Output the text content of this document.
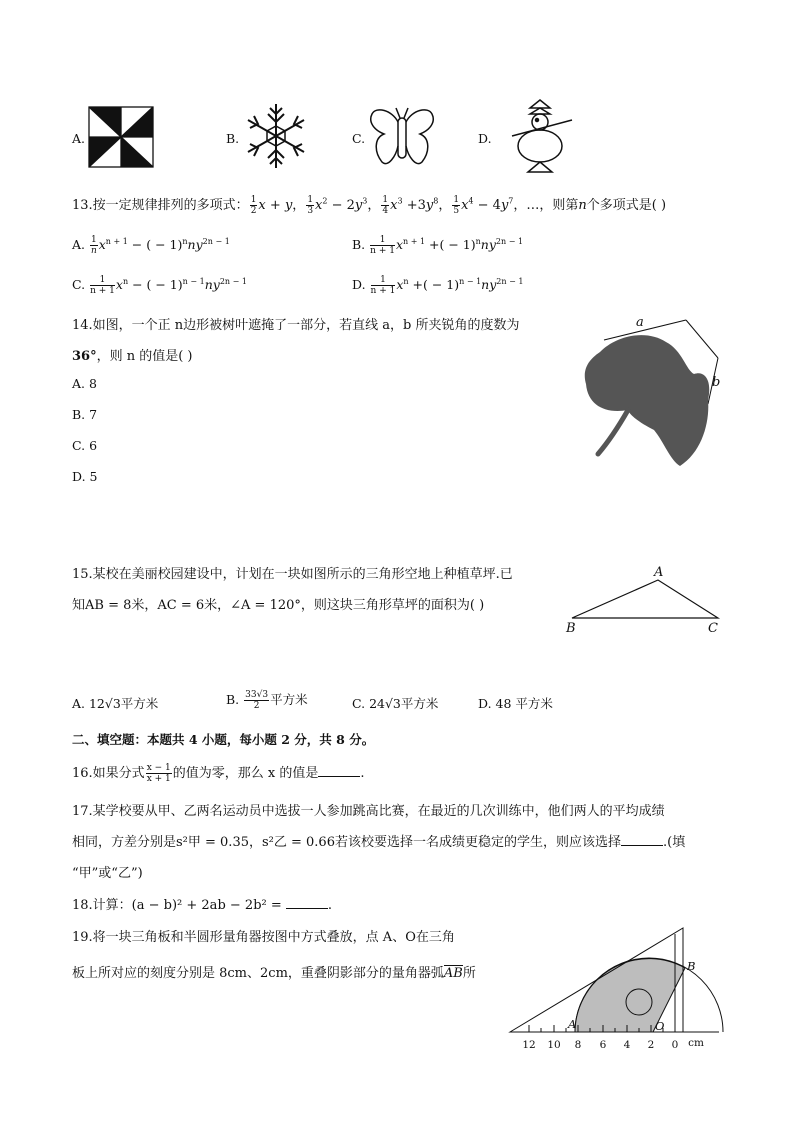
A.	B.	C.	D.
13.按一定规律排列的多项式： $\frac{1}{2}$ x + y， $\frac{1}{3} x^2 - 2y^3$， $\frac{1}{4} x^3 +3y^8$， $\frac{1}{5} x^4 - 4y^7$，…，则第n个多项式是( )
A. $\frac{1}{n} x^{n + 1}$ − ( − $1)^nny^{2n - 1}$	B. $\frac{1}{n + 1} x^{n + 1}$ +( − $1)^nny^{2n - 1}$
C. $\frac{1}{n + 1} x^n$ − ( − $1)^{n - 1}ny^{2n - 1}$	D. $\frac{1}{n + 1} x^n$ +( − $1)^{n - 1}ny^{2n - 1}$
14.如图，一个正 n边形被树叶遮掩了一部分，若直线 a，b 所夹锐角的度数为
36°，则 n 的值是( )
A. 8
B. 7
C. 6
D. 5
a
b
15.某校在美丽校园建设中，计划在一块如图所示的三角形空地上种植草坪.已
知AB = 8米，AC = 6米，∠A = 120°，则这块三角形草坪的面积为( )
A
B	C
A. 12√3平方米	B. $\frac{33√3}{2}$ 平方米	C. 24√3平方米	D. 48 平方米
二、填空题：本题共 4 小题，每小题 2 分，共 8 分。
16.如果分式 $\frac{x - 1}{x + 1}$ 的值为零，那么 x 的值是	.
17.某学校要从甲、乙两名运动员中选拔一人参加跳高比赛，在最近的几次训练中，他们两人的平均成绩
相同，方差分别是s²甲 = 0.35，s²乙 = 0.66若该校要选择一名成绩更稳定的学生，则应该选择	.(填
“甲”或“乙”)
18.计算：(a − b)² + 2ab − 2b² =	.
19.将一块三角板和半圆形量角器按图中方式叠放，点 A、O在三角
板上所对应的刻度分别是 8cm、2cm，重叠阴影部分的量角器弧AB所
12 10 8 6 4 2 0 cm
A	O
B
